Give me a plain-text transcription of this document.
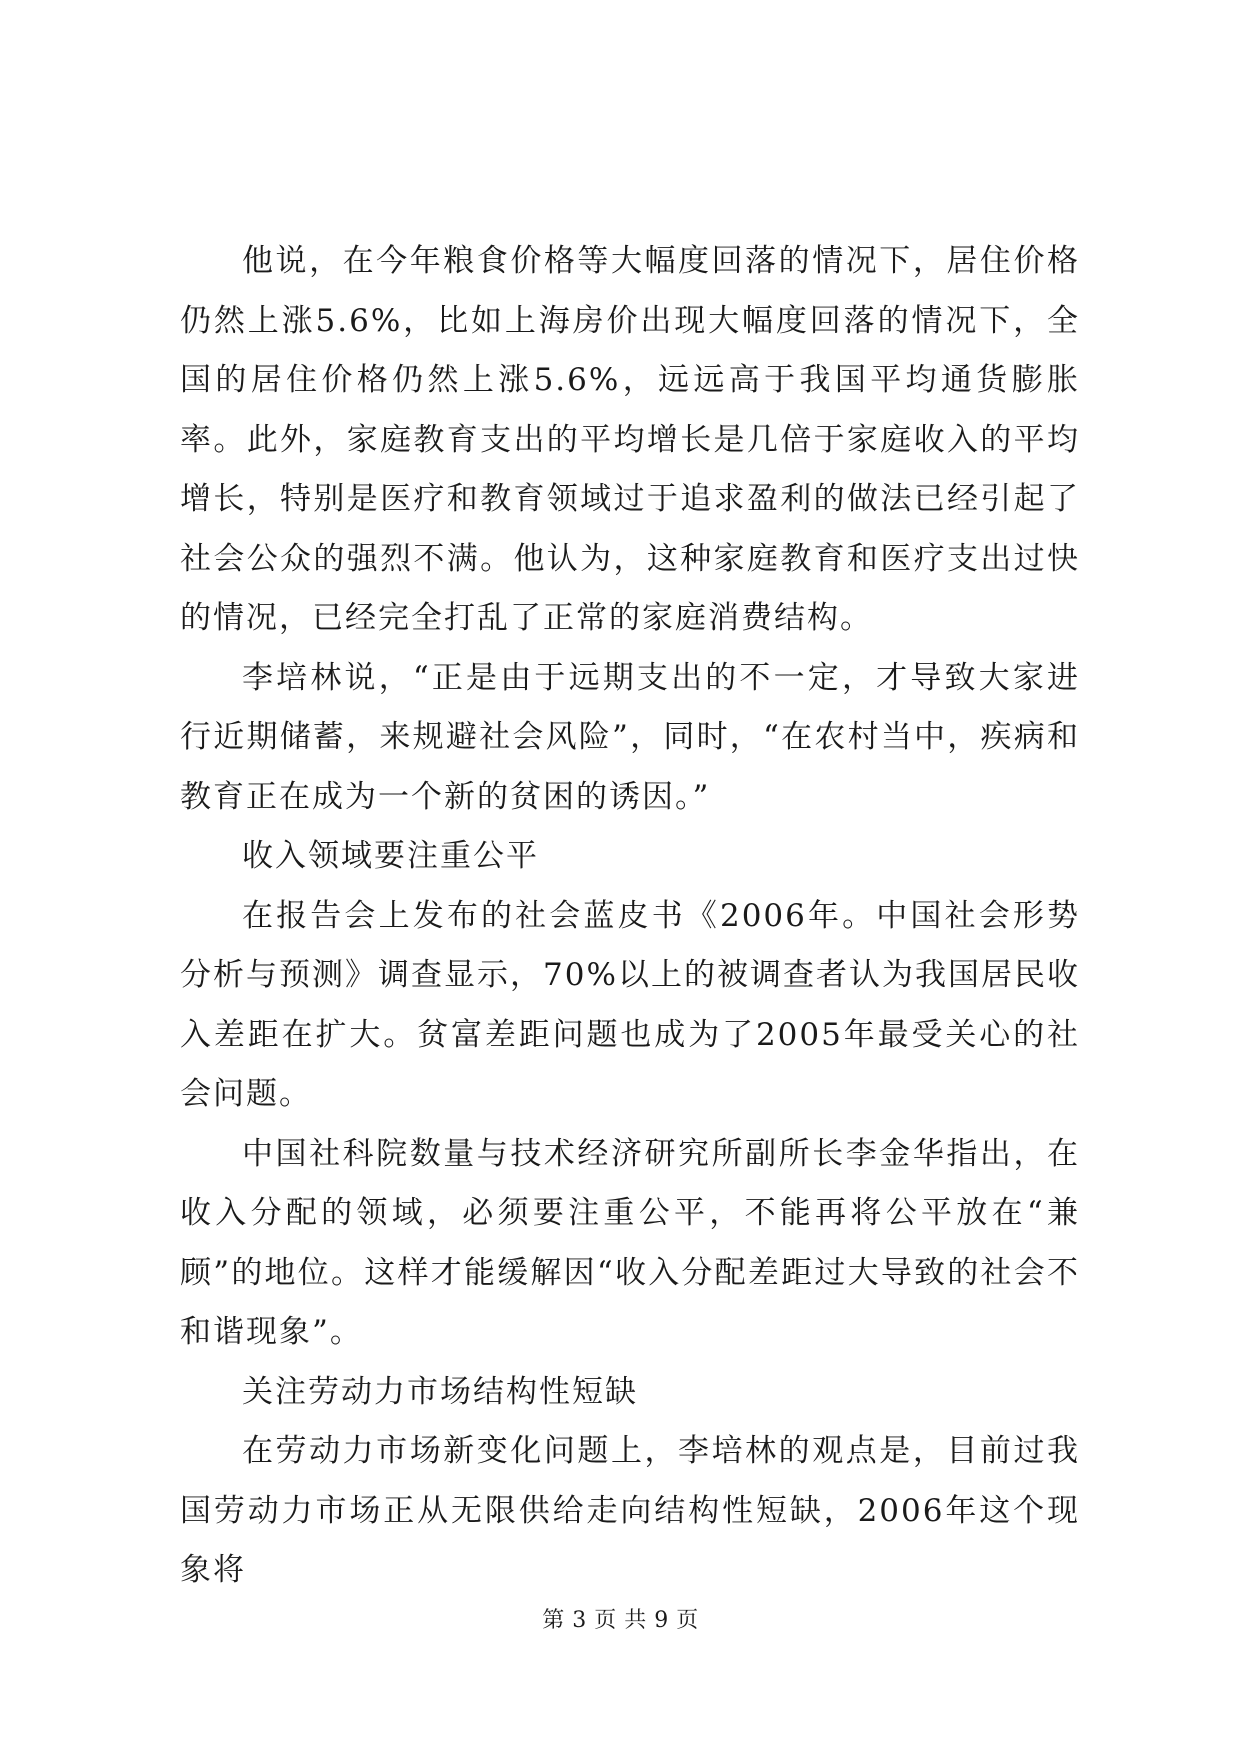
他说，在今年粮食价格等大幅度回落的情况下，居住价格仍然上涨5.6%，比如上海房价出现大幅度回落的情况下，全国的居住价格仍然上涨5.6%，远远高于我国平均通货膨胀率。此外，家庭教育支出的平均增长是几倍于家庭收入的平均增长，特别是医疗和教育领域过于追求盈利的做法已经引起了社会公众的强烈不满。他认为，这种家庭教育和医疗支出过快的情况，已经完全打乱了正常的家庭消费结构。

李培林说，“正是由于远期支出的不一定，才导致大家进行近期储蓄，来规避社会风险”，同时，“在农村当中，疾病和教育正在成为一个新的贫困的诱因。”

收入领域要注重公平

在报告会上发布的社会蓝皮书《2006年。中国社会形势分析与预测》调查显示，70%以上的被调查者认为我国居民收入差距在扩大。贫富差距问题也成为了2005年最受关心的社会问题。

中国社科院数量与技术经济研究所副所长李金华指出，在收入分配的领域，必须要注重公平，不能再将公平放在“兼顾”的地位。这样才能缓解因“收入分配差距过大导致的社会不和谐现象”。

关注劳动力市场结构性短缺

在劳动力市场新变化问题上，李培林的观点是，目前过我国劳动力市场正从无限供给走向结构性短缺，2006年这个现象将

第 3 页 共 9 页
